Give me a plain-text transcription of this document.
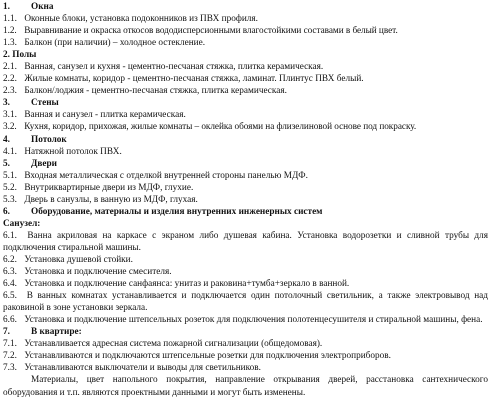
1. Окна
1.1. Оконные блоки, установка подоконников из ПВХ профиля.
1.2. Выравнивание и окраска откосов вододисперсионными влагостойкими составами в белый цвет.
1.3. Балкон (при наличии) – холодное остекление.
2. Полы
2.1. Ванная, санузел и кухня - цементно-песчаная стяжка, плитка керамическая.
2.2. Жилые комнаты, коридор - цементно-песчаная стяжка, ламинат. Плинтус ПВХ белый.
2.3. Балкон/лоджия - цементно-песчаная стяжка, плитка керамическая.
3. Стены
3.1. Ванная и санузел - плитка керамическая.
3.2. Кухня, коридор, прихожая, жилые комнаты – оклейка обоями на флизелиновой основе под покраску.
4. Потолок
4.1. Натяжной потолок ПВХ.
5. Двери
5.1. Входная металлическая с отделкой внутренней стороны панелью МДФ.
5.2. Внутриквартирные двери из МДФ, глухие.
5.3. Дверь в санузлы, в ванную из МДФ, глухая.
6. Оборудование, материалы и изделия внутренних инженерных систем
Санузел:
6.1. Ванна акриловая на каркасе с экраном либо душевая кабина. Установка водорозетки и сливной трубы для подключения стиральной машины.
6.2. Установка душевой стойки.
6.3. Установка и подключение смесителя.
6.4. Установка и подключение санфаянса: унитаз и раковина+тумба+зеркало в ванной.
6.5. В ванных комнатах устанавливается и подключается один потолочный светильник, а также электровывод над раковиной в зоне установки зеркала.
6.6. Установка и подключение штепсельных розеток для подключения полотенцесушителя и стиральной машины, фена.
7. В квартире:
7.1. Устанавливается адресная система пожарной сигнализации (общедомовая).
7.2. Устанавливаются и подключаются штепсельные розетки для подключения электроприборов.
7.3. Устанавливаются выключатели и выводы для светильников.
Материалы, цвет напольного покрытия, направление открывания дверей, расстановка сантехнического оборудования и т.п. являются проектными данными и могут быть изменены.
